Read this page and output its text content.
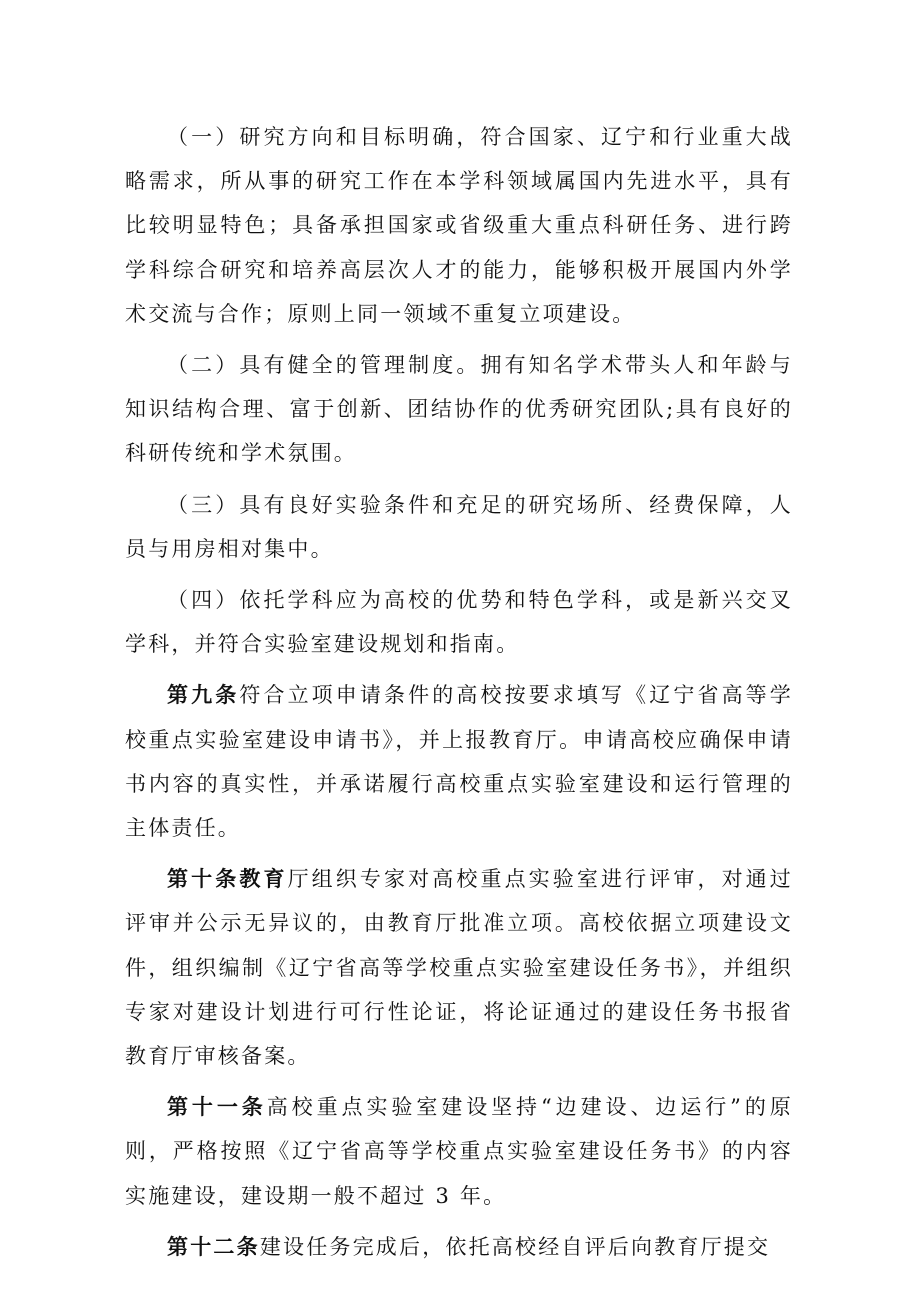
（一）研究方向和目标明确，符合国家、辽宁和行业重大战略需求，所从事的研究工作在本学科领域属国内先进水平，具有比较明显特色；具备承担国家或省级重大重点科研任务、进行跨学科综合研究和培养高层次人才的能力，能够积极开展国内外学术交流与合作；原则上同一领域不重复立项建设。

（二）具有健全的管理制度。拥有知名学术带头人和年龄与知识结构合理、富于创新、团结协作的优秀研究团队;具有良好的科研传统和学术氛围。

（三）具有良好实验条件和充足的研究场所、经费保障，人员与用房相对集中。

（四）依托学科应为高校的优势和特色学科，或是新兴交叉学科，并符合实验室建设规划和指南。

第九条符合立项申请条件的高校按要求填写《辽宁省高等学校重点实验室建设申请书》，并上报教育厅。申请高校应确保申请书内容的真实性，并承诺履行高校重点实验室建设和运行管理的主体责任。

第十条教育厅组织专家对高校重点实验室进行评审，对通过评审并公示无异议的，由教育厅批准立项。高校依据立项建设文件，组织编制《辽宁省高等学校重点实验室建设任务书》，并组织专家对建设计划进行可行性论证，将论证通过的建设任务书报省教育厅审核备案。

第十一条高校重点实验室建设坚持“边建设、边运行”的原则，严格按照《辽宁省高等学校重点实验室建设任务书》的内容实施建设，建设期一般不超过 3 年。

第十二条建设任务完成后，依托高校经自评后向教育厅提交
